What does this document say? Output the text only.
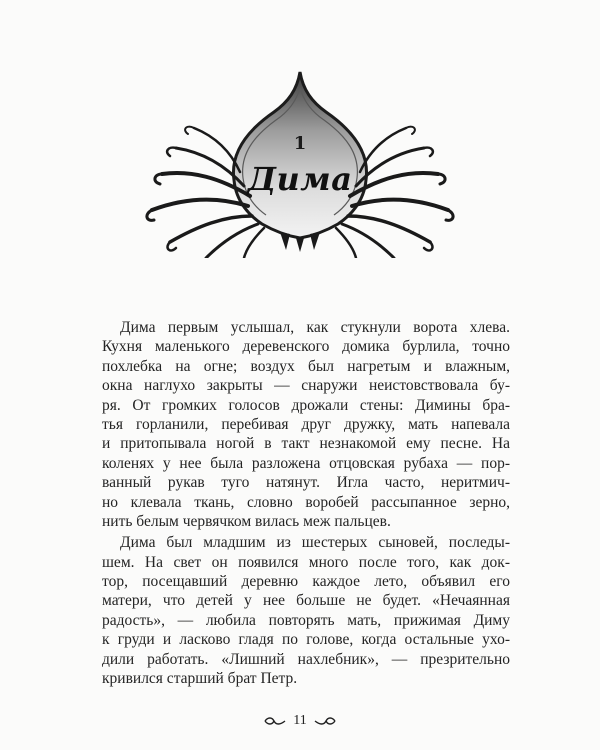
1
Дима
Дима первым услышал, как стукнули ворота хлева.
Кухня маленького деревенского домика бурлила, точно
похлебка на огне; воздух был нагретым и влажным,
окна наглухо закрыты — снаружи неистовствовала бу-
ря. От громких голосов дрожали стены: Димины бра-
тья горланили, перебивая друг дружку, мать напевала
и притопывала ногой в такт незнакомой ему песне. На
коленях у нее была разложена отцовская рубаха — пор-
ванный рукав туго натянут. Игла часто, неритмич-
но клевала ткань, словно воробей рассыпанное зерно,
нить белым червячком вилась меж пальцев.
Дима был младшим из шестерых сыновей, последы-
шем. На свет он появился много после того, как док-
тор, посещавший деревню каждое лето, объявил его
матери, что детей у нее больше не будет. «Нечаянная
радость», — любила повторять мать, прижимая Диму
к груди и ласково гладя по голове, когда остальные ухо-
дили работать. «Лишний нахлебник», — презрительно
кривился старший брат Петр.
11
